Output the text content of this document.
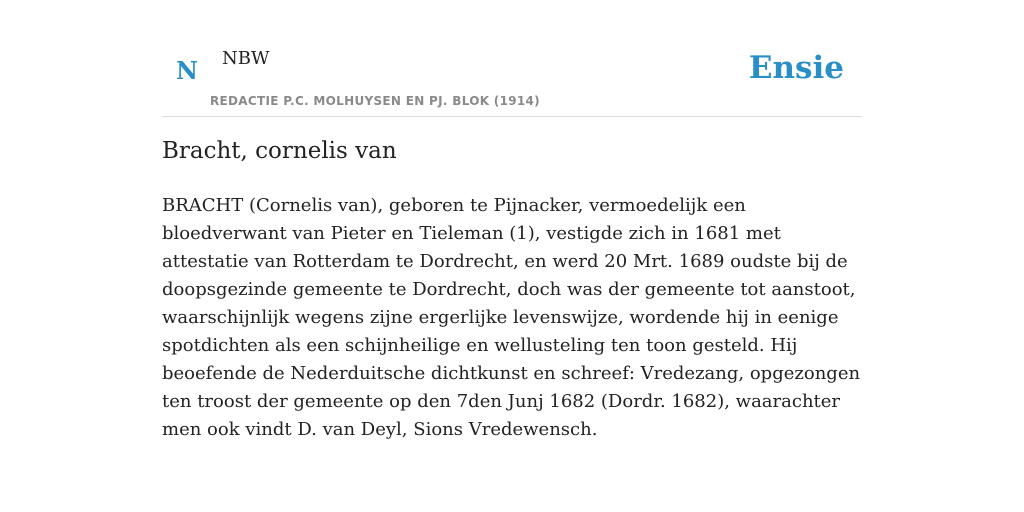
N NBW
REDACTIE P.C. MOLHUYSEN EN PJ. BLOK (1914)
Ensie
Bracht, cornelis van

BRACHT (Cornelis van), geboren te Pijnacker, vermoedelijk een bloedverwant van Pieter en Tieleman (1), vestigde zich in 1681 met attestatie van Rotterdam te Dordrecht, en werd 20 Mrt. 1689 oudste bij de doopsgezinde gemeente te Dordrecht, doch was der gemeente tot aanstoot, waarschijnlijk wegens zijne ergerlijke levenswijze, wordende hij in eenige spotdichten als een schijnheilige en wellusteling ten toon gesteld. Hij beoefende de Nederduitsche dichtkunst en schreef: Vredezang, opgezongen ten troost der gemeente op den 7den Junj 1682 (Dordr. 1682), waarachter men ook vindt D. van Deyl, Sions Vredewensch.
